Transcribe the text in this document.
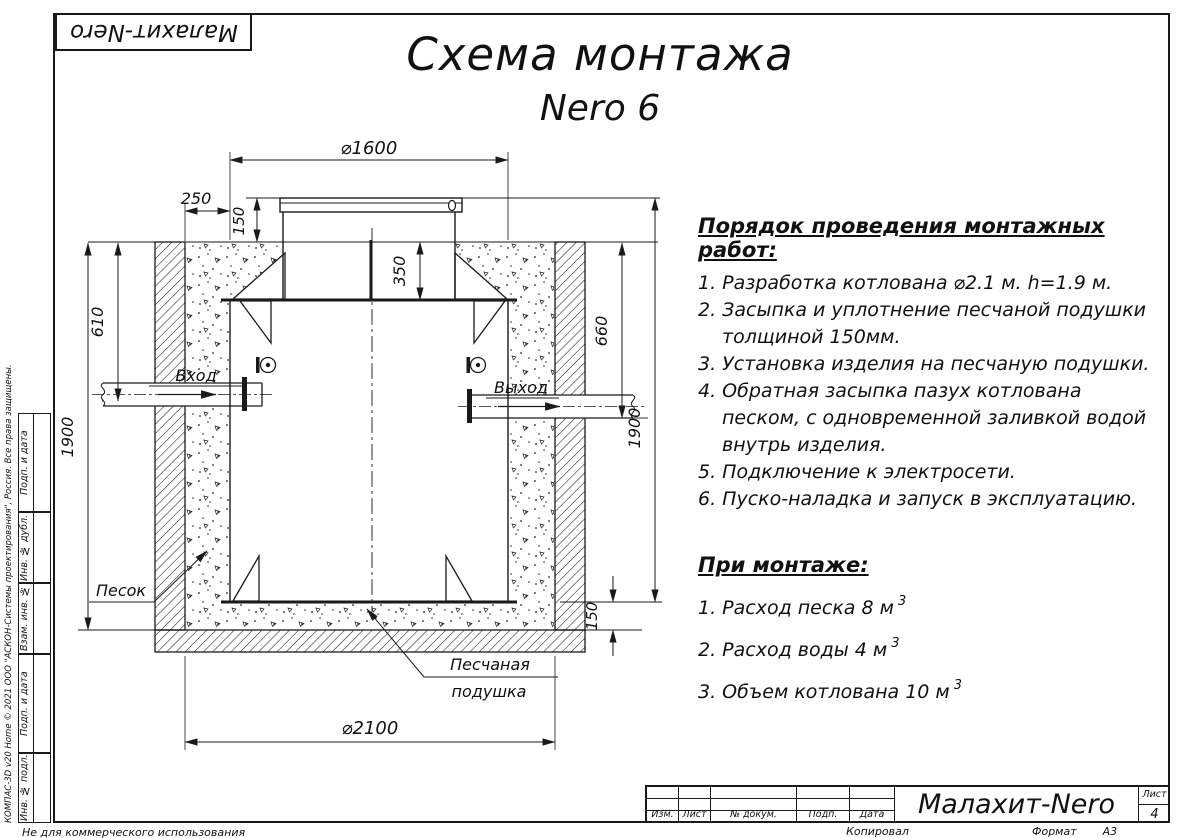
Малахит-Nero	Схема монтажа
Nero 6
⌀1600
250
150
350
610
1900
660
1900
150
⌀2100
Вход
Выход
Песок
Песчаная
подушка
Порядок проведения монтажных работ:
1. Разработка котлована ⌀2.1 м. h=1.9 м.
2. Засыпка и уплотнение песчаной подушки толщиной 150мм.
3. Установка изделия на песчаную подушки.
4. Обратная засыпка пазух котлована песком, с одновременной заливкой водой внутрь изделия.
5. Подключение к электросети.
6. Пуско-наладка и запуск в эксплуатацию.
При монтаже:
1. Расход песка 8 м $^3$
2. Расход воды 4 м $^3$
3. Объем котлована 10 м $^3$
Изм. Лист	№ докум.	Подп.	Дата	Малахит-Nero	Лист
4
Подп. и дата
Инв. № дубл.
Взам. инв. №
Подп. и дата
Инв. № подл.
КОМПАС-3D v20 Home © 2021 ООО "АСКОН-Системы проектирования", Россия. Все права защищены.
Не для коммерческого использования	Копировал	Формат А3
